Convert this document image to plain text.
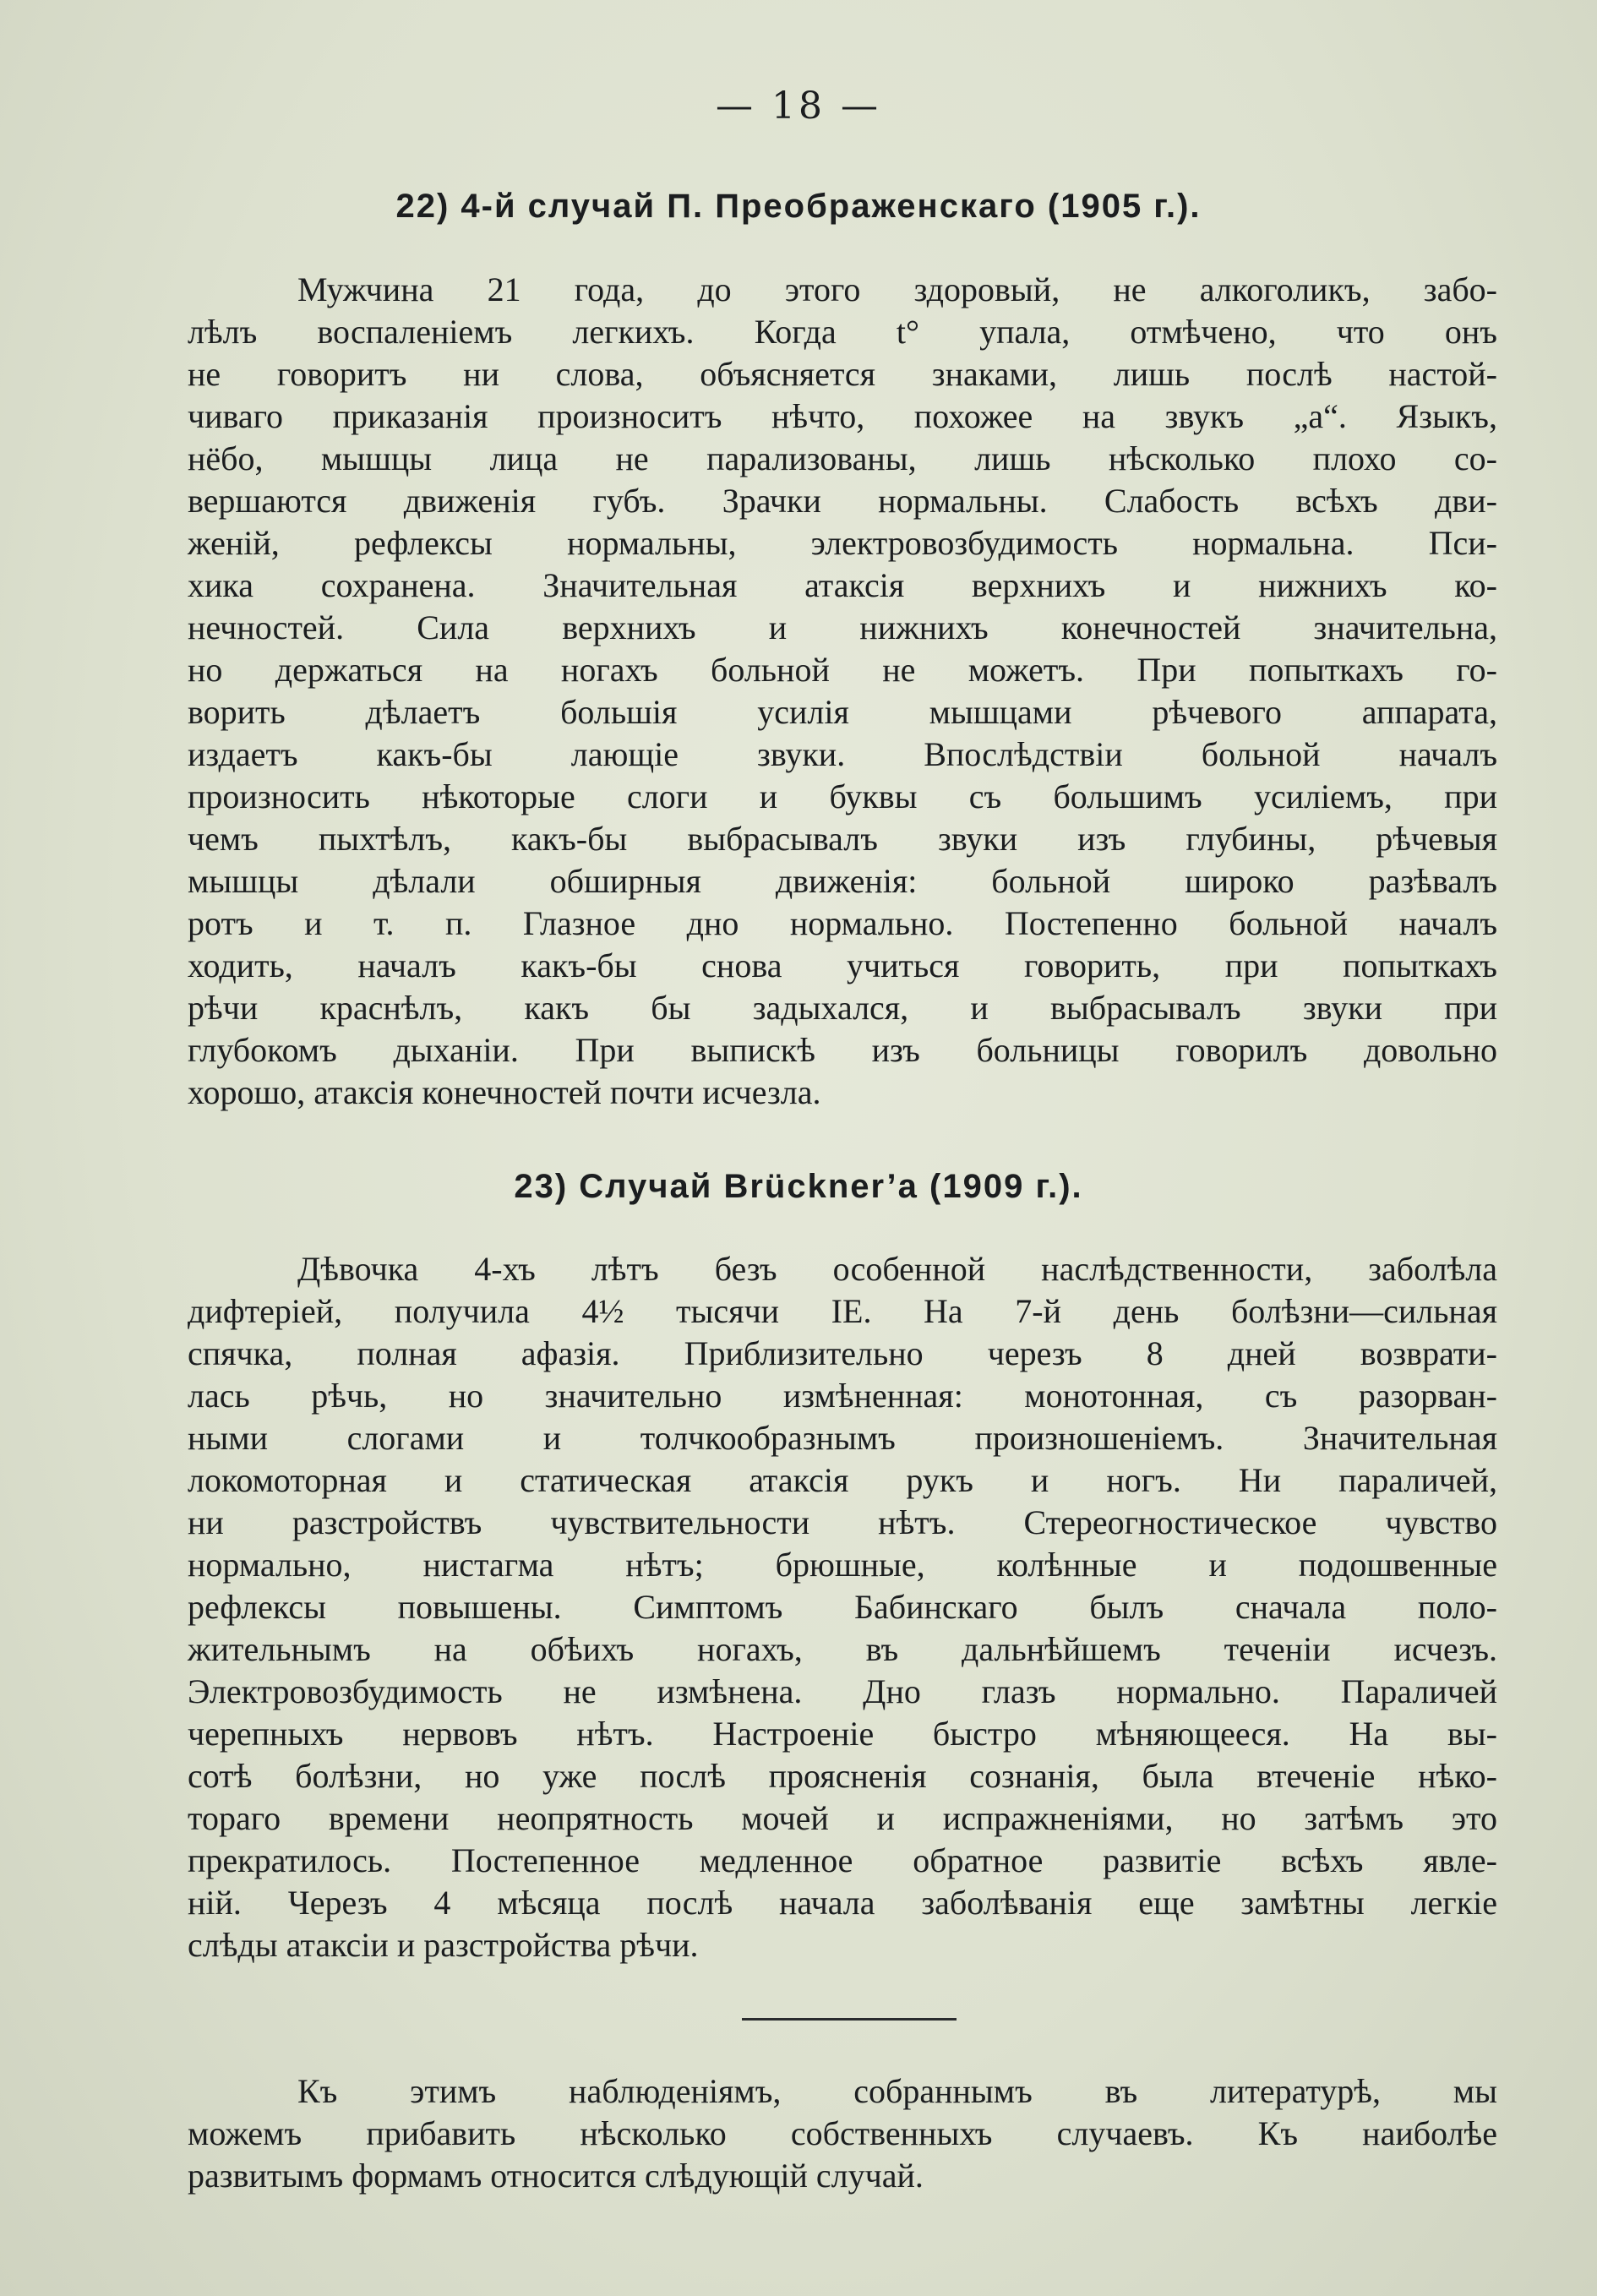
— 18 —
22) 4-й случай П. Преображенскаго (1905 г.).
Мужчина 21 года, до этого здоровый, не алкоголикъ, забо-
лѣлъ воспаленіемъ легкихъ. Когда t° упала, отмѣчено, что онъ
не говоритъ ни слова, объясняется знаками, лишь послѣ настой-
чиваго приказанія произноситъ нѣчто, похожее на звукъ „а“. Языкъ,
нёбо, мышцы лица не парализованы, лишь нѣсколько плохо со-
вершаются движенія губъ. Зрачки нормальны. Слабость всѣхъ дви-
женій, рефлексы нормальны, электровозбудимость нормальна. Пси-
хика сохранена. Значительная атаксія верхнихъ и нижнихъ ко-
нечностей. Сила верхнихъ и нижнихъ конечностей значительна,
но держаться на ногахъ больной не можетъ. При попыткахъ го-
ворить дѣлаетъ большія усилія мышцами рѣчевого аппарата,
издаетъ какъ-бы лающіе звуки. Впослѣдствіи больной началъ
произносить нѣкоторые слоги и буквы съ большимъ усиліемъ, при
чемъ пыхтѣлъ, какъ-бы выбрасывалъ звуки изъ глубины, рѣчевыя
мышцы дѣлали обширныя движенія: больной широко разѣвалъ
ротъ и т. п. Глазное дно нормально. Постепенно больной началъ
ходить, началъ какъ-бы снова учиться говорить, при попыткахъ
рѣчи краснѣлъ, какъ бы задыхался, и выбрасывалъ звуки при
глубокомъ дыханіи. При выпискѣ изъ больницы говорилъ довольно
хорошо, атаксія конечностей почти исчезла.
23) Случай Brückner’a (1909 г.).
Дѣвочка 4-хъ лѣтъ безъ особенной наслѣдственности, заболѣла
дифтеріей, получила 4½ тысячи IE. На 7-й день болѣзни—сильная
спячка, полная афазія. Приблизительно черезъ 8 дней возврати-
лась рѣчь, но значительно измѣненная: монотонная, съ разорван-
ными слогами и толчкообразнымъ произношеніемъ. Значительная
локомоторная и статическая атаксія рукъ и ногъ. Ни параличей,
ни разстройствъ чувствительности нѣтъ. Стереогностическое чувство
нормально, нистагма нѣтъ; брюшные, колѣнные и подошвенные
рефлексы повышены. Симптомъ Бабинскаго былъ сначала поло-
жительнымъ на обѣихъ ногахъ, въ дальнѣйшемъ теченіи исчезъ.
Электровозбудимость не измѣнена. Дно глазъ нормально. Параличей
черепныхъ нервовъ нѣтъ. Настроеніе быстро мѣняющееся. На вы-
сотѣ болѣзни, но уже послѣ проясненія сознанія, была втеченіе нѣко-
тораго времени неопрятность мочей и испражненіями, но затѣмъ это
прекратилось. Постепенное медленное обратное развитіе всѣхъ явле-
ній. Черезъ 4 мѣсяца послѣ начала заболѣванія еще замѣтны легкіе
слѣды атаксіи и разстройства рѣчи.
Къ этимъ наблюденіямъ, собраннымъ въ литературѣ, мы
можемъ прибавить нѣсколько собственныхъ случаевъ. Къ наиболѣе
развитымъ формамъ относится слѣдующій случай.
